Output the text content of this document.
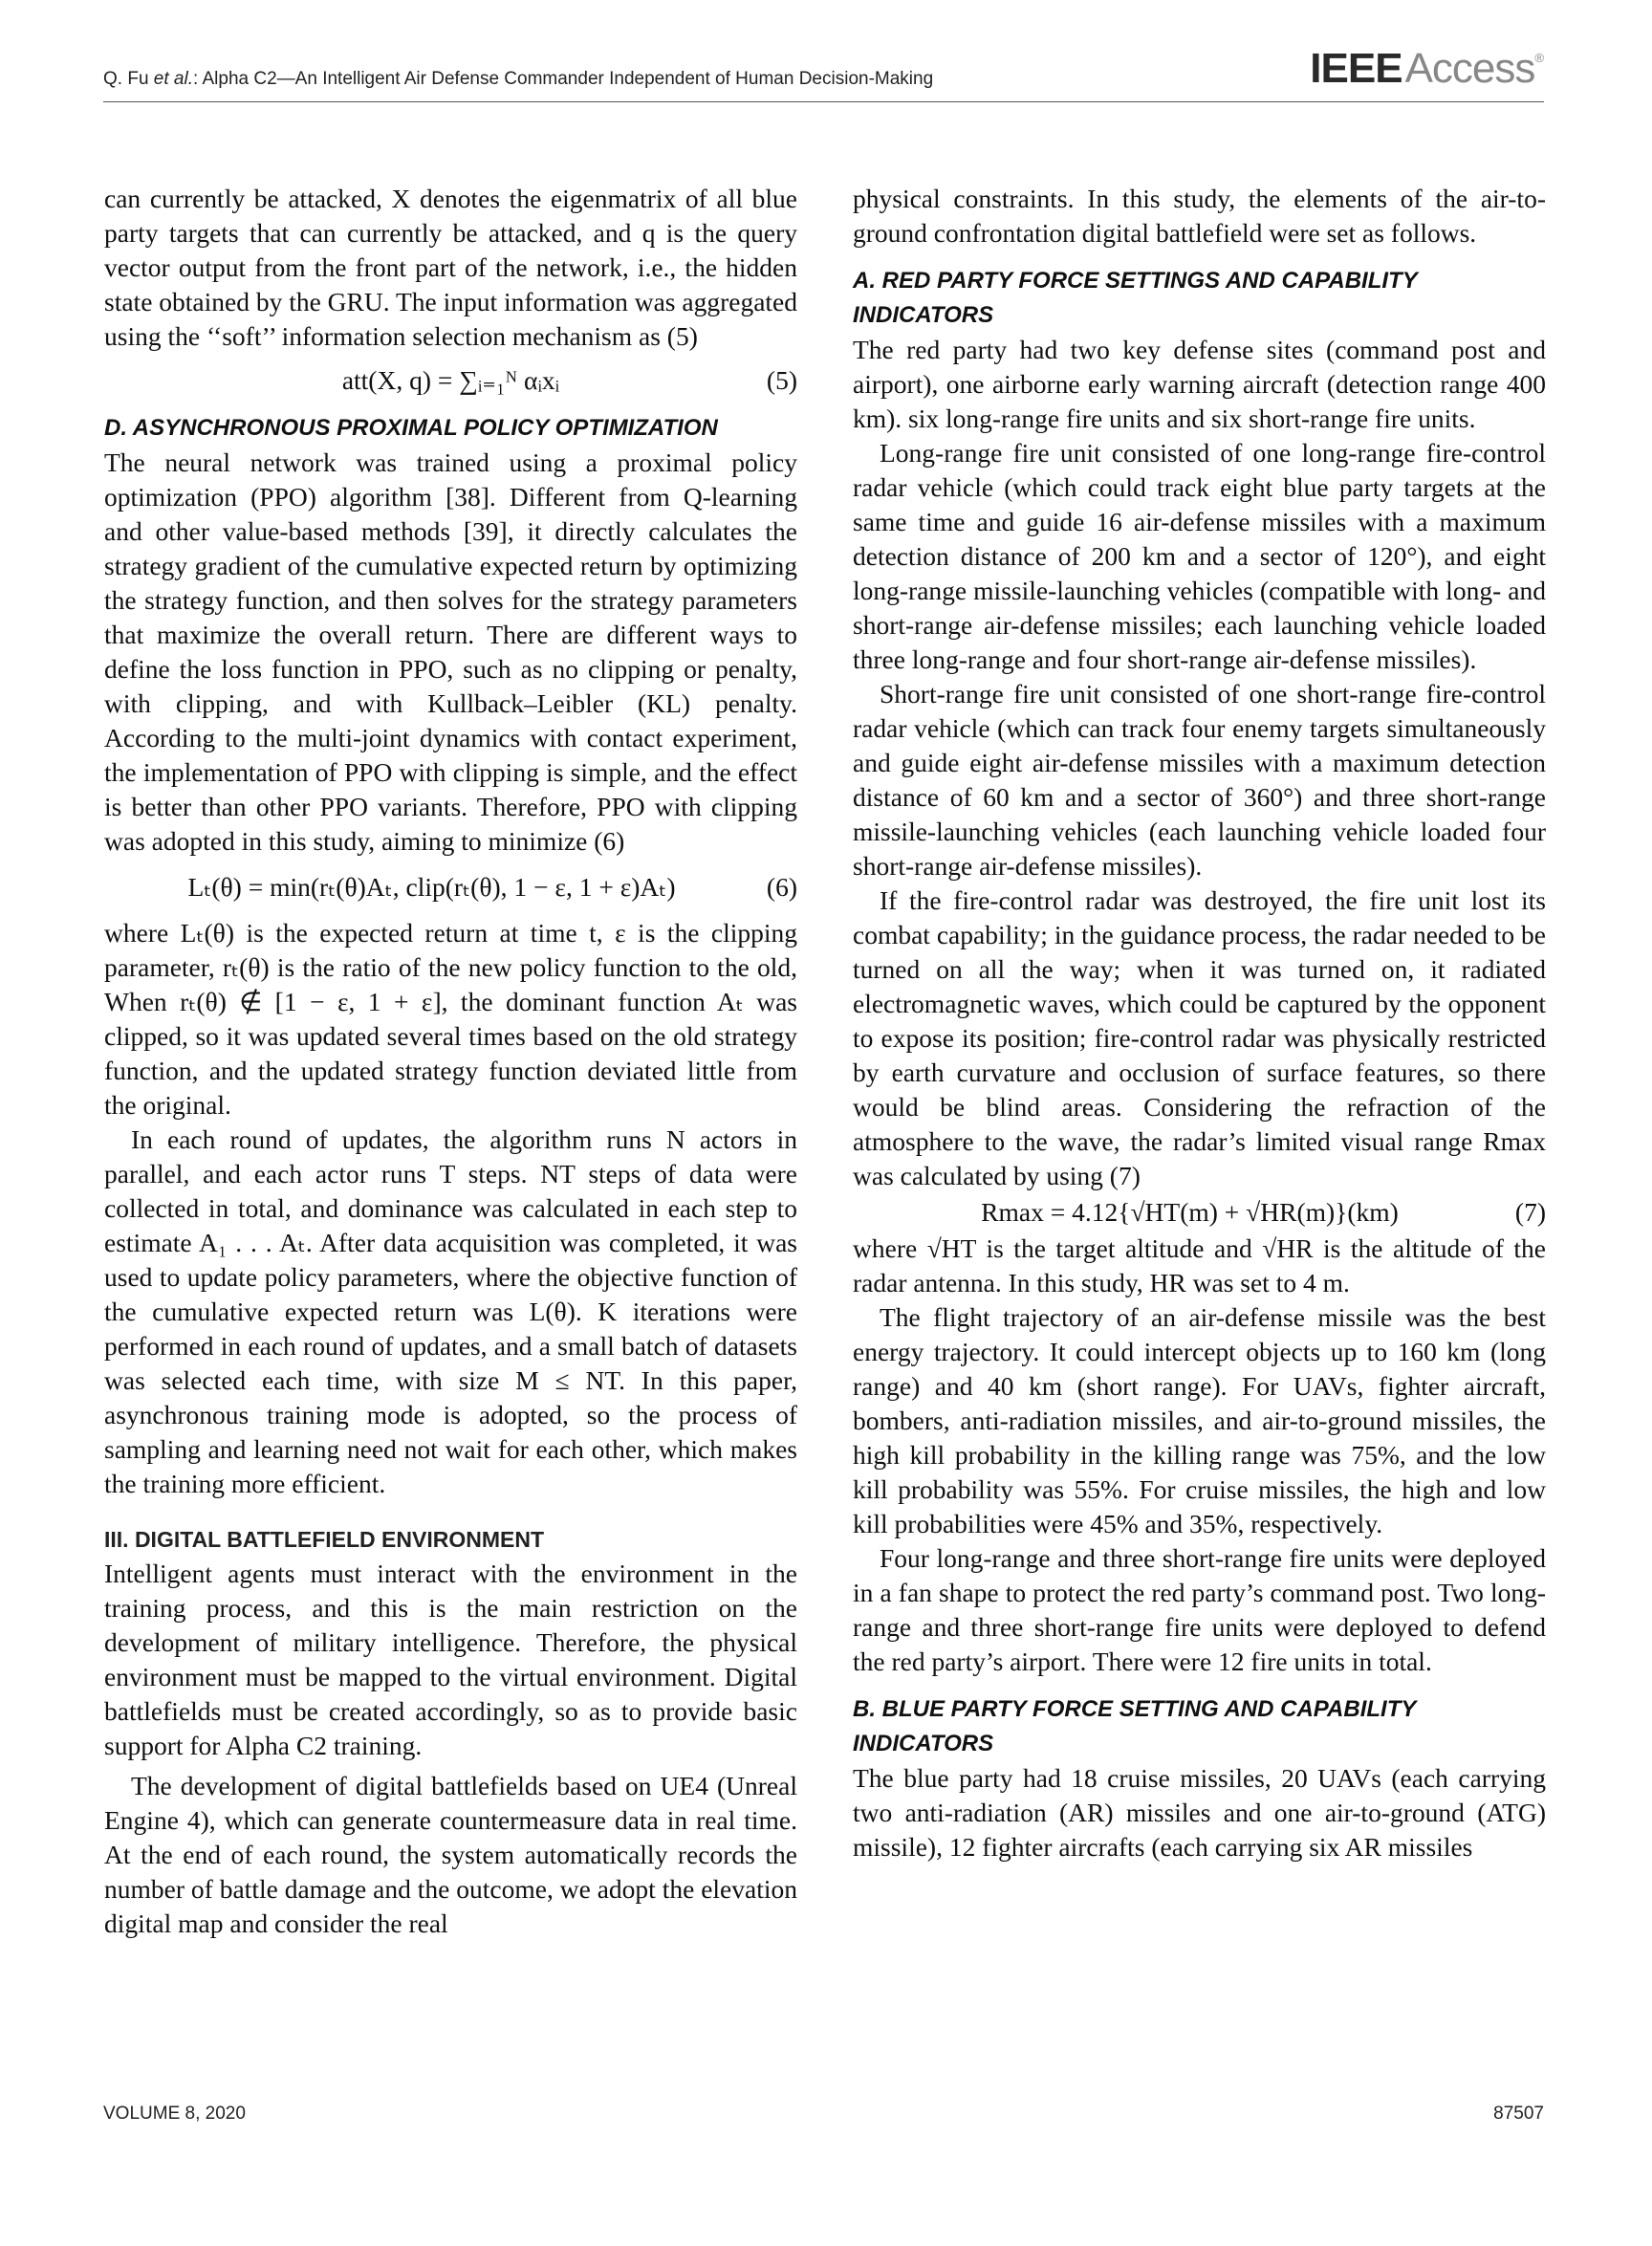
Q. Fu et al.: Alpha C2—An Intelligent Air Defense Commander Independent of Human Decision-Making	IEEEAccess®

can currently be attacked, X denotes the eigenmatrix of all blue party targets that can currently be attacked, and q is the query vector output from the front part of the network, i.e., the hidden state obtained by the GRU. The input information was aggregated using the ‘‘soft’’ information selection mechanism as (5)

att(X, q) = ∑ᵢ₌₁ᴺ αᵢxᵢ	(5)
D. ASYNCHRONOUS PROXIMAL POLICY OPTIMIZATION

The neural network was trained using a proximal policy optimization (PPO) algorithm [38]. Different from Q-learning and other value-based methods [39], it directly calculates the strategy gradient of the cumulative expected return by optimizing the strategy function, and then solves for the strategy parameters that maximize the overall return. There are different ways to define the loss function in PPO, such as no clipping or penalty, with clipping, and with Kullback–Leibler (KL) penalty. According to the multi-joint dynamics with contact experiment, the implementation of PPO with clipping is simple, and the effect is better than other PPO variants. Therefore, PPO with clipping was adopted in this study, aiming to minimize (6)

Lₜ(θ) = min(rₜ(θ)Aₜ, clip(rₜ(θ), 1 − ε, 1 + ε)Aₜ)	(6)

where Lₜ(θ) is the expected return at time t, ε is the clipping parameter, rₜ(θ) is the ratio of the new policy function to the old, When rₜ(θ) ∉ [1 − ε, 1 + ε], the dominant function Aₜ was clipped, so it was updated several times based on the old strategy function, and the updated strategy function deviated little from the original.

In each round of updates, the algorithm runs N actors in parallel, and each actor runs T steps. NT steps of data were collected in total, and dominance was calculated in each step to estimate A₁ . . . Aₜ. After data acquisition was completed, it was used to update policy parameters, where the objective function of the cumulative expected return was L(θ). K iterations were performed in each round of updates, and a small batch of datasets was selected each time, with size M ≤ NT. In this paper, asynchronous training mode is adopted, so the process of sampling and learning need not wait for each other, which makes the training more efficient.

III. DIGITAL BATTLEFIELD ENVIRONMENT

Intelligent agents must interact with the environment in the training process, and this is the main restriction on the development of military intelligence. Therefore, the physical environment must be mapped to the virtual environment. Digital battlefields must be created accordingly, so as to provide basic support for Alpha C2 training.

The development of digital battlefields based on UE4 (Unreal Engine 4), which can generate countermeasure data in real time. At the end of each round, the system automatically records the number of battle damage and the outcome, we adopt the elevation digital map and consider the real

physical constraints. In this study, the elements of the air-to-ground confrontation digital battlefield were set as follows.

A. RED PARTY FORCE SETTINGS AND CAPABILITY INDICATORS

The red party had two key defense sites (command post and airport), one airborne early warning aircraft (detection range 400 km). six long-range fire units and six short-range fire units.

Long-range fire unit consisted of one long-range fire-control radar vehicle (which could track eight blue party targets at the same time and guide 16 air-defense missiles with a maximum detection distance of 200 km and a sector of 120°), and eight long-range missile-launching vehicles (compatible with long- and short-range air-defense missiles; each launching vehicle loaded three long-range and four short-range air-defense missiles).

Short-range fire unit consisted of one short-range fire-control radar vehicle (which can track four enemy targets simultaneously and guide eight air-defense missiles with a maximum detection distance of 60 km and a sector of 360°) and three short-range missile-launching vehicles (each launching vehicle loaded four short-range air-defense missiles).

If the fire-control radar was destroyed, the fire unit lost its combat capability; in the guidance process, the radar needed to be turned on all the way; when it was turned on, it radiated electromagnetic waves, which could be captured by the opponent to expose its position; fire-control radar was physically restricted by earth curvature and occlusion of surface features, so there would be blind areas. Considering the refraction of the atmosphere to the wave, the radar’s limited visual range Rmax was calculated by using (7)

Rmax = 4.12{√HT(m) + √HR(m)}(km)	(7)

where √HT is the target altitude and √HR is the altitude of the radar antenna. In this study, HR was set to 4 m.

The flight trajectory of an air-defense missile was the best energy trajectory. It could intercept objects up to 160 km (long range) and 40 km (short range). For UAVs, fighter aircraft, bombers, anti-radiation missiles, and air-to-ground missiles, the high kill probability in the killing range was 75%, and the low kill probability was 55%. For cruise missiles, the high and low kill probabilities were 45% and 35%, respectively.

Four long-range and three short-range fire units were deployed in a fan shape to protect the red party’s command post. Two long-range and three short-range fire units were deployed to defend the red party’s airport. There were 12 fire units in total.

B. BLUE PARTY FORCE SETTING AND CAPABILITY INDICATORS

The blue party had 18 cruise missiles, 20 UAVs (each carrying two anti-radiation (AR) missiles and one air-to-ground (ATG) missile), 12 fighter aircrafts (each carrying six AR missiles

VOLUME 8, 2020	87507
